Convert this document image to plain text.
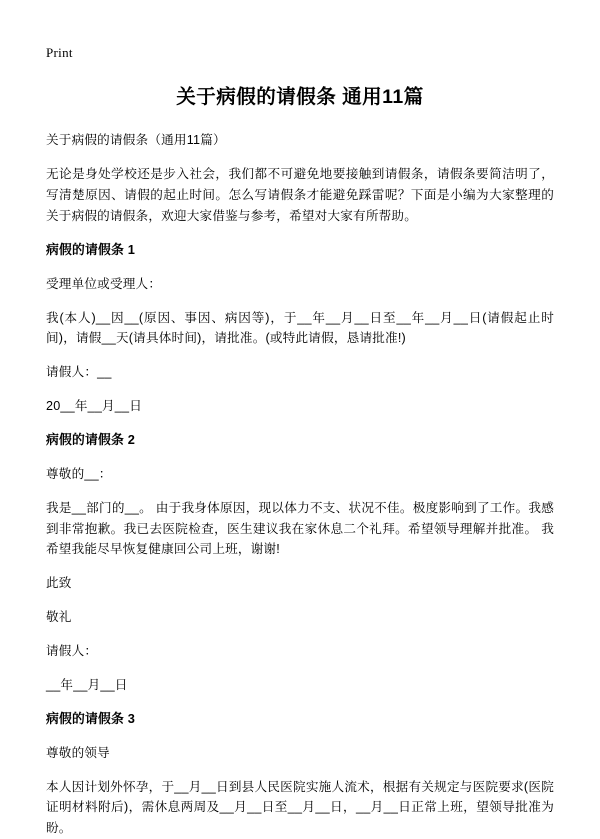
Print
关于病假的请假条 通用11篇

关于病假的请假条（通用11篇）

无论是身处学校还是步入社会，我们都不可避免地要接触到请假条，请假条要简洁明了，写清楚原因、请假的起止时间。怎么写请假条才能避免踩雷呢？下面是小编为大家整理的关于病假的请假条，欢迎大家借鉴与参考，希望对大家有所帮助。

病假的请假条 1

受理单位或受理人：

我(本人)__因__(原因、事因、病因等)，于__年__月__日至__年__月__日(请假起止时间)，请假__天(请具体时间)，请批准。(或特此请假，恳请批准!)

请假人：__

20__年__月__日

病假的请假条 2

尊敬的__：

我是__部门的__。 由于我身体原因，现以体力不支、状况不佳。极度影响到了工作。我感到非常抱歉。我已去医院检查，医生建议我在家休息二个礼拜。希望领导理解并批准。 我希望我能尽早恢复健康回公司上班，谢谢!

此致

敬礼

请假人：

__年__月__日

病假的请假条 3

尊敬的领导

本人因计划外怀孕，于__月__日到县人民医院实施人流术，根据有关规定与医院要求(医院证明材料附后)，需休息两周及__月__日至__月__日，__月__日正常上班，望领导批准为盼。
